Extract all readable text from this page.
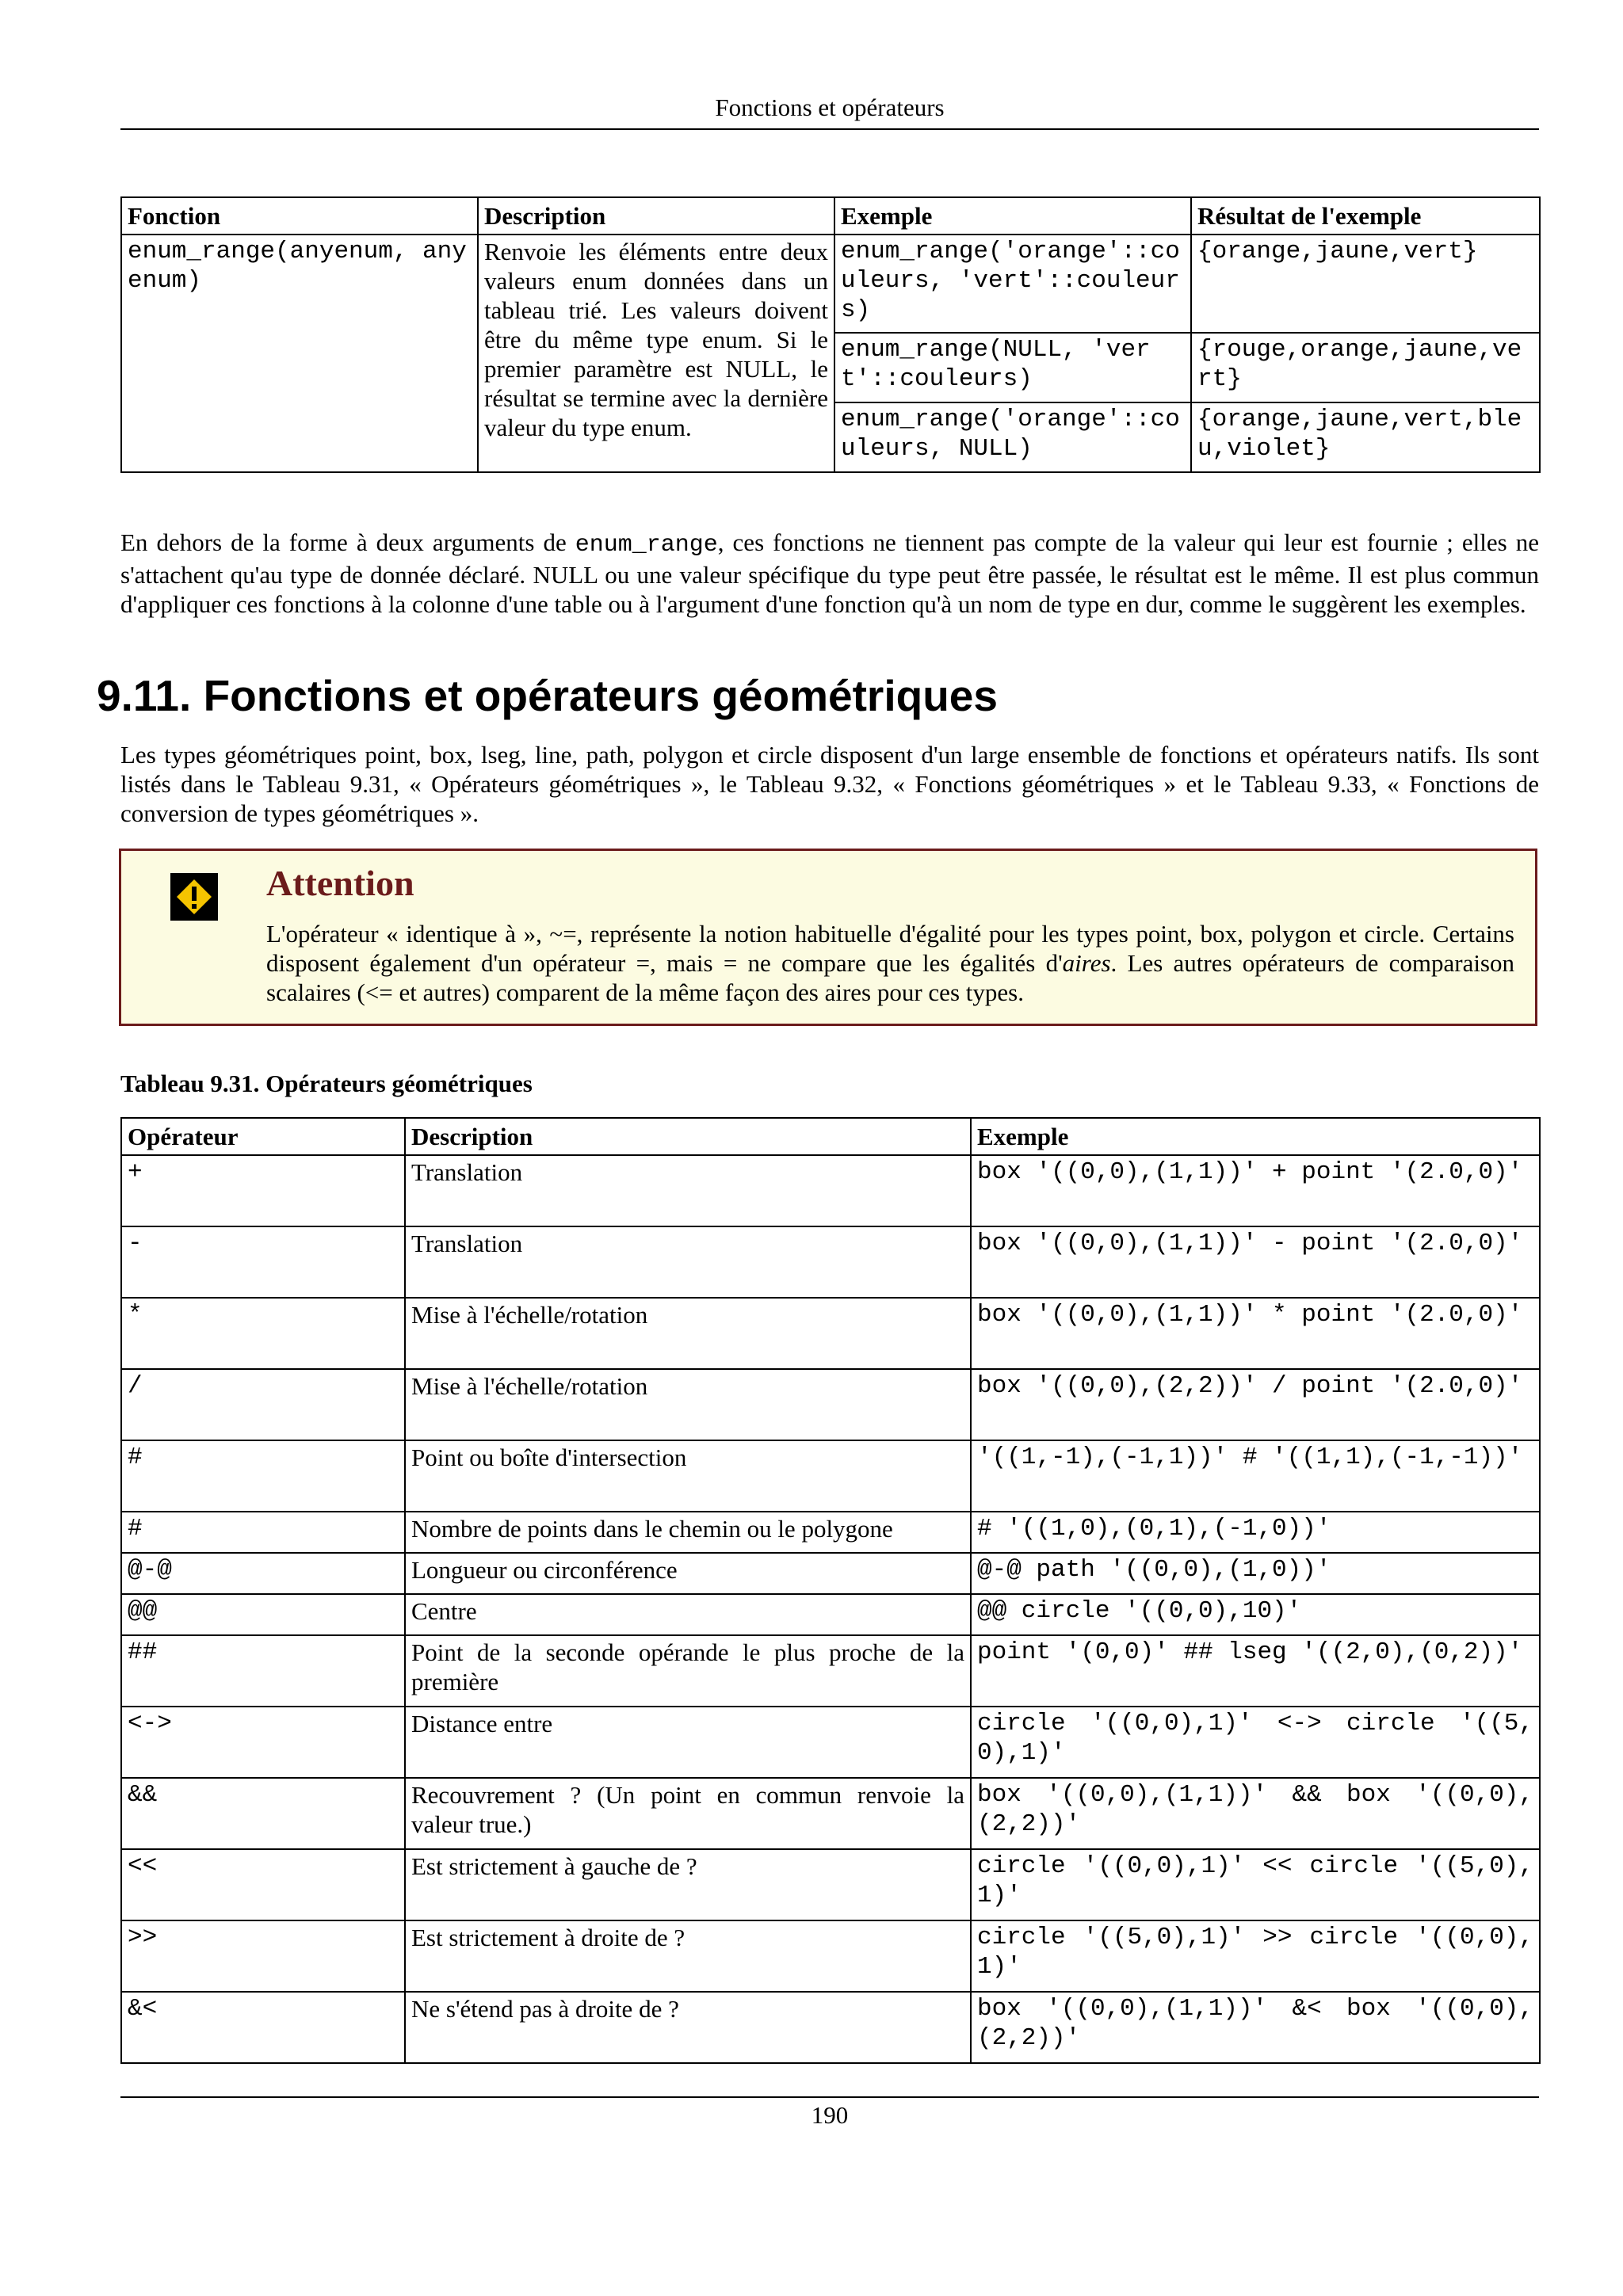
Fonctions et opérateurs
Fonction	Description	Exemple	Résultat de l'exemple
enum_range(anyenum, anyenum)	Renvoie les éléments entre deux valeurs enum données dans un tableau trié. Les valeurs doivent être du même type enum. Si le premier paramètre est NULL, le résultat se termine avec la dernière valeur du type enum.	enum_range('orange'::couleurs, 'vert'::couleurs)	{orange,jaune,vert}
		enum_range(NULL, 'vert'::couleurs)	{rouge,orange,jaune,vert}
		enum_range('orange'::couleurs, NULL)	{orange,jaune,vert,bleu,violet}
En dehors de la forme à deux arguments de enum_range, ces fonctions ne tiennent pas compte de la valeur qui leur est fournie ; elles ne s'attachent qu'au type de donnée déclaré. NULL ou une valeur spécifique du type peut être passée, le résultat est le même. Il est plus commun d'appliquer ces fonctions à la colonne d'une table ou à l'argument d'une fonction qu'à un nom de type en dur, comme le suggèrent les exemples.
9.11. Fonctions et opérateurs géométriques
Les types géométriques point, box, lseg, line, path, polygon et circle disposent d'un large ensemble de fonctions et opérateurs natifs. Ils sont listés dans le Tableau 9.31, « Opérateurs géométriques », le Tableau 9.32, « Fonctions géométriques » et le Tableau 9.33, « Fonctions de conversion de types géométriques ».
Attention
L'opérateur « identique à », ~=, représente la notion habituelle d'égalité pour les types point, box, polygon et circle. Certains disposent également d'un opérateur =, mais = ne compare que les égalités d'aires. Les autres opérateurs de comparaison scalaires (<= et autres) comparent de la même façon des aires pour ces types.
Tableau 9.31. Opérateurs géométriques
Opérateur	Description	Exemple
+	Translation	box '((0,0),(1,1))' + point '(2.0,0)'
-	Translation	box '((0,0),(1,1))' - point '(2.0,0)'
*	Mise à l'échelle/rotation	box '((0,0),(1,1))' * point '(2.0,0)'
/	Mise à l'échelle/rotation	box '((0,0),(2,2))' / point '(2.0,0)'
#	Point ou boîte d'intersection	'((1,-1),(-1,1))' # '((1,1),(-1,-1))'
#	Nombre de points dans le chemin ou le polygone	# '((1,0),(0,1),(-1,0))'
@-@	Longueur ou circonférence	@-@ path '((0,0),(1,0))'
@@	Centre	@@ circle '((0,0),10)'
##	Point de la seconde opérande le plus proche de la première	point '(0,0)' ## lseg '((2,0),(0,2))'
<->	Distance entre	circle '((0,0),1)' <-> circle '((5,0),1)'
&&	Recouvrement ? (Un point en commun renvoie la valeur true.)	box '((0,0),(1,1))' && box '((0,0),(2,2))'
<<	Est strictement à gauche de ?	circle '((0,0),1)' << circle '((5,0),1)'
>>	Est strictement à droite de ?	circle '((5,0),1)' >> circle '((0,0),1)'
&<	Ne s'étend pas à droite de ?	box '((0,0),(1,1))' &< box '((0,0),(2,2))'
190
